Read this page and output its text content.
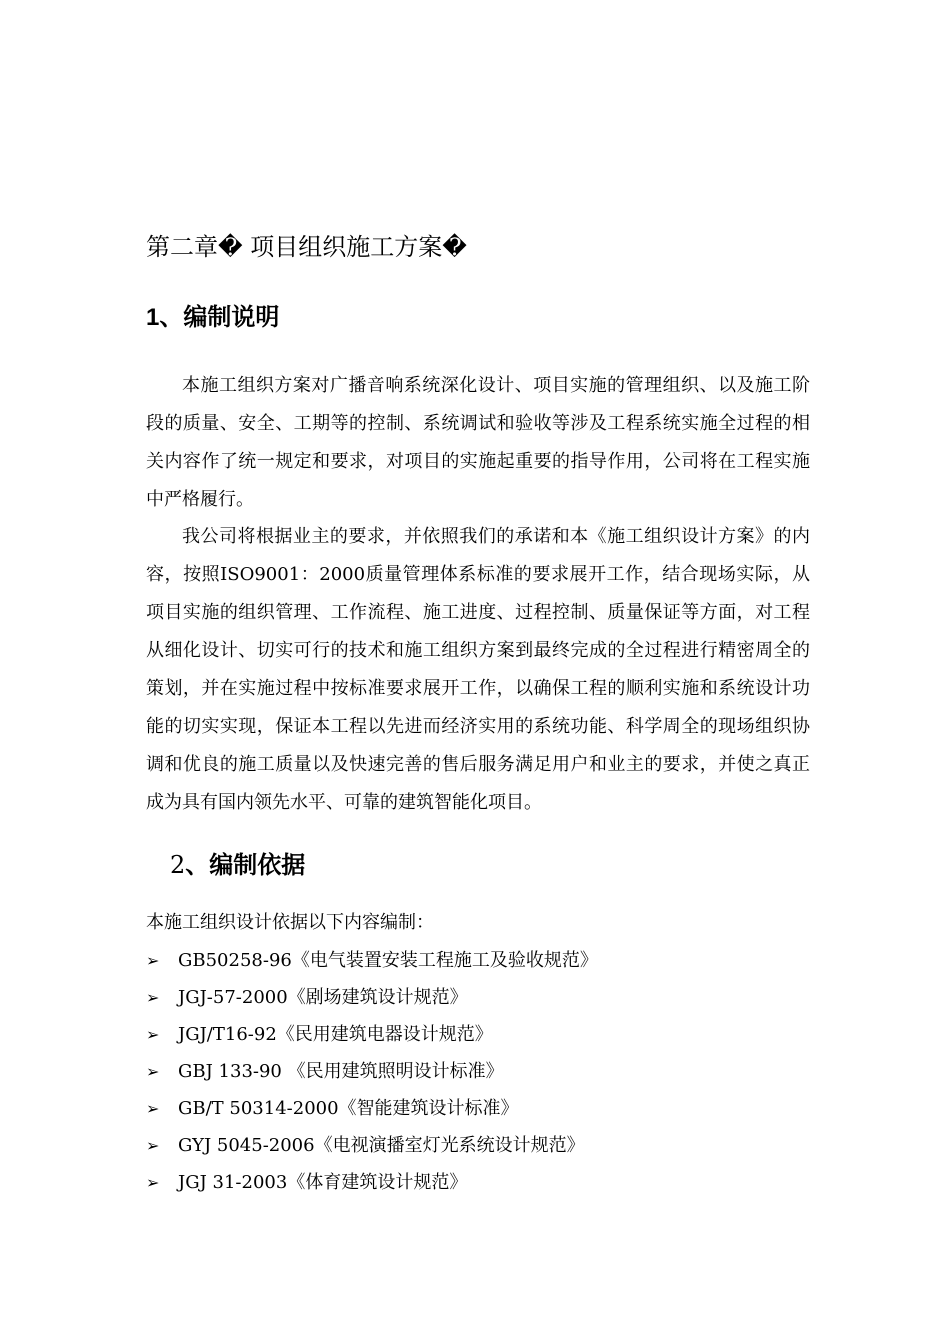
第二章� 项目组织施工方案�
1、编制说明

本施工组织方案对广播音响系统深化设计、项目实施的管理组织、以及施工阶段的质量、安全、工期等的控制、系统调试和验收等涉及工程系统实施全过程的相关内容作了统一规定和要求，对项目的实施起重要的指导作用，公司将在工程实施中严格履行。

我公司将根据业主的要求，并依照我们的承诺和本《施工组织设计方案》的内容，按照ISO9001：2000质量管理体系标准的要求展开工作，结合现场实际，从项目实施的组织管理、工作流程、施工进度、过程控制、质量保证等方面，对工程从细化设计、切实可行的技术和施工组织方案到最终完成的全过程进行精密周全的策划，并在实施过程中按标准要求展开工作，以确保工程的顺利实施和系统设计功能的切实实现，保证本工程以先进而经济实用的系统功能、科学周全的现场组织协调和优良的施工质量以及快速完善的售后服务满足用户和业主的要求，并使之真正成为具有国内领先水平、可靠的建筑智能化项目。

2、编制依据
本施工组织设计依据以下内容编制：
➢	GB50258-96《电气装置安装工程施工及验收规范》
➢	JGJ-57-2000《剧场建筑设计规范》
➢	JGJ/T16-92《民用建筑电器设计规范》
➢	GBJ 133-90 《民用建筑照明设计标准》
➢	GB/T 50314-2000《智能建筑设计标准》
➢	GYJ 5045-2006《电视演播室灯光系统设计规范》
➢	JGJ 31-2003《体育建筑设计规范》
